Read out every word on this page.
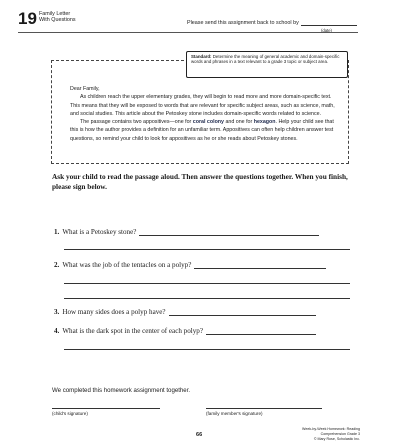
19 Family Letter
With Questions	Please send this assignment back to school by
(date)
Standard: Determine the meaning of general academic and domain-specific words and phrases in a text relevant to a grade 3 topic or subject area.

Dear Family,

As children reach the upper elementary grades, they will begin to read more and more domain-specific text. This means that they will be exposed to words that are relevant for specific subject areas, such as science, math, and social studies. This article about the Petoskey stone includes domain-specific words related to science.

The passage contains two appositives—one for coral colony and one for hexagon. Help your child see that this is how the author provides a definition for an unfamiliar term. Appositives can often help children answer test questions, so remind your child to look for appositives as he or she reads about Petoskey stones.

Ask your child to read the passage aloud. Then answer the questions together. When you finish, please sign below.
1. What is a Petoskey stone?
2. What was the job of the tentacles on a polyp?
3. How many sides does a polyp have?
4. What is the dark spot in the center of each polyp?
We completed this homework assignment together.
(child's signature)	(family member's signature)
66
Week-by-Week Homework: Reading Comprehension Grade 3
© Mary Rose, Scholastic Inc.
